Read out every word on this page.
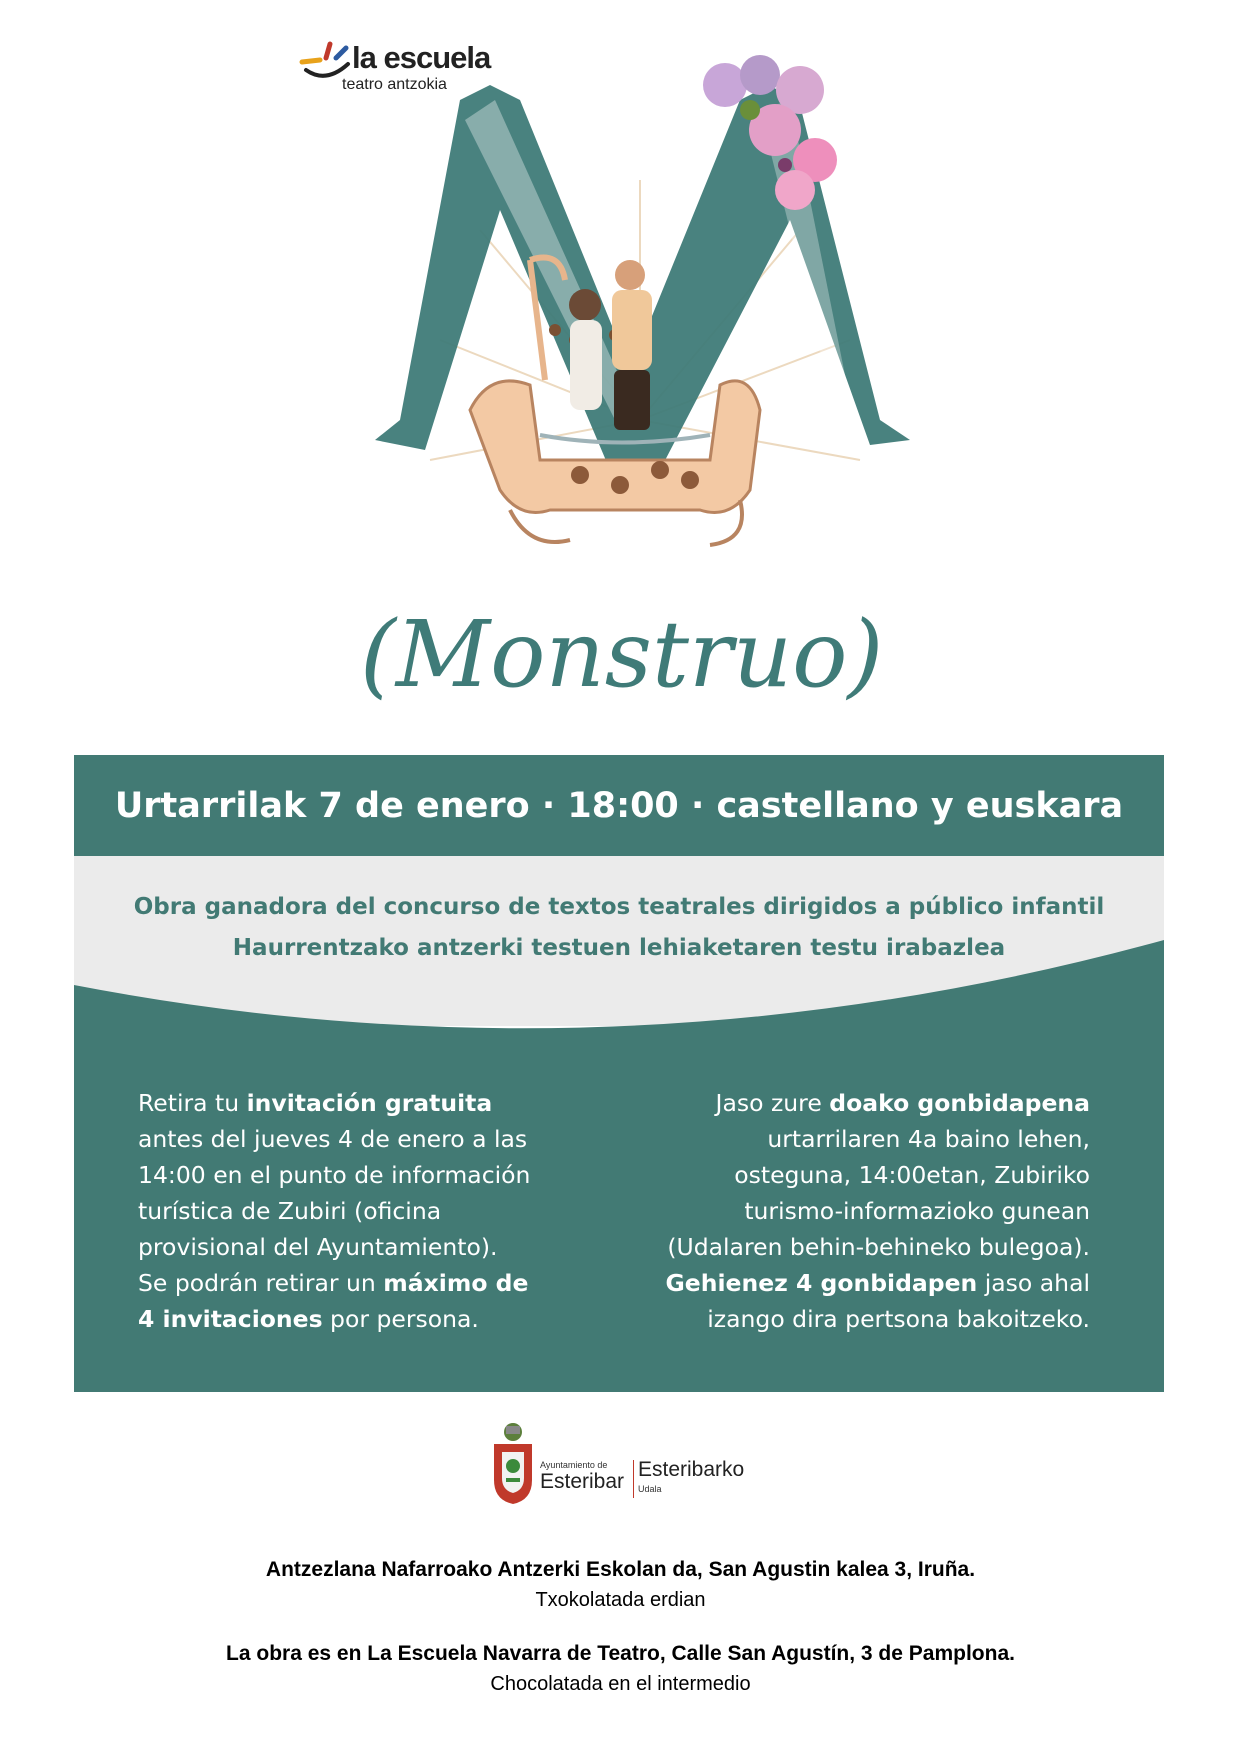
la escuela
teatro antzokia
(Monstruo)
Urtarrilak 7 de enero · 18:00 · castellano y euskara
Obra ganadora del concurso de textos teatrales dirigidos a público infantil
Haurrentzako antzerki testuen lehiaketaren testu irabazlea
Retira tu invitación gratuita
antes del jueves 4 de enero a las
14:00 en el punto de información
turística de Zubiri (oficina
provisional del Ayuntamiento).
Se podrán retirar un máximo de
4 invitaciones por persona.
Jaso zure doako gonbidapena
urtarrilaren 4a baino lehen,
osteguna, 14:00etan, Zubiriko
turismo-informazioko gunean
(Udalaren behin-behineko bulegoa).
Gehienez 4 gonbidapen jaso ahal
izango dira pertsona bakoitzeko.
Ayuntamiento de
Esteribar
Esteribarko
Udala
Antzezlana Nafarroako Antzerki Eskolan da, San Agustin kalea 3, Iruña.
Txokolatada erdian
La obra es en La Escuela Navarra de Teatro, Calle San Agustín, 3 de Pamplona.
Chocolatada en el intermedio
